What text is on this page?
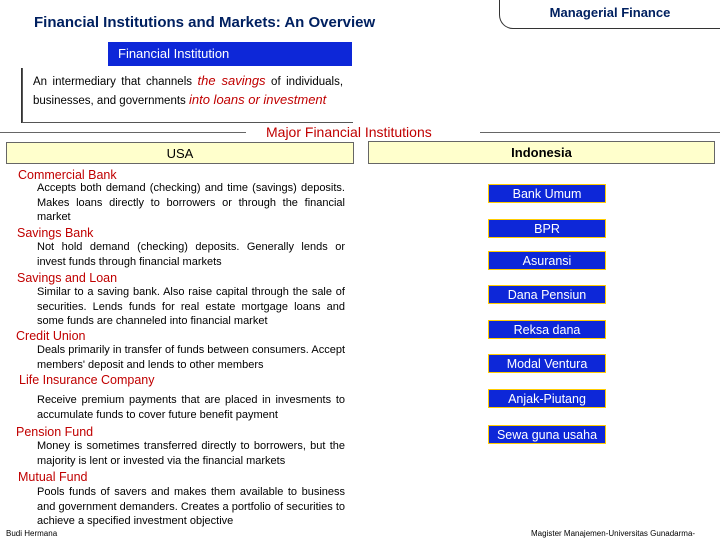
Financial Institutions and Markets: An Overview
Managerial Finance
Financial Institution
An intermediary that channels the savings of individuals, businesses, and governments into loans or investment
Major Financial Institutions
USA	Indonesia
Commercial Bank
Accepts both demand (checking) and time (savings) deposits. Makes loans directly to borrowers or through the financial market
Savings Bank
Not hold demand (checking) deposits. Generally lends or invest funds through financial markets
Savings and Loan
Similar to a saving bank. Also raise capital through the sale of securities. Lends funds for real estate mortgage loans and some funds are channeled into financial market
Credit Union
Deals primarily in transfer of funds between consumers. Accept members' deposit and lends to other members
Life Insurance Company
Receive premium payments that are placed in invesments to accumulate funds to cover future benefit payment
Pension Fund
Money is sometimes transferred directly to borrowers, but the majority is lent or invested via the financial markets
Mutual Fund
Pools funds of savers and makes them available to business and government demanders. Creates a portfolio of securities to achieve a specified investment objective
Bank Umum
BPR
Asuransi
Dana Pensiun
Reksa dana
Modal Ventura
Anjak-Piutang
Sewa guna usaha
Budi Hermana	Magister Manajemen-Universitas Gunadarma-
